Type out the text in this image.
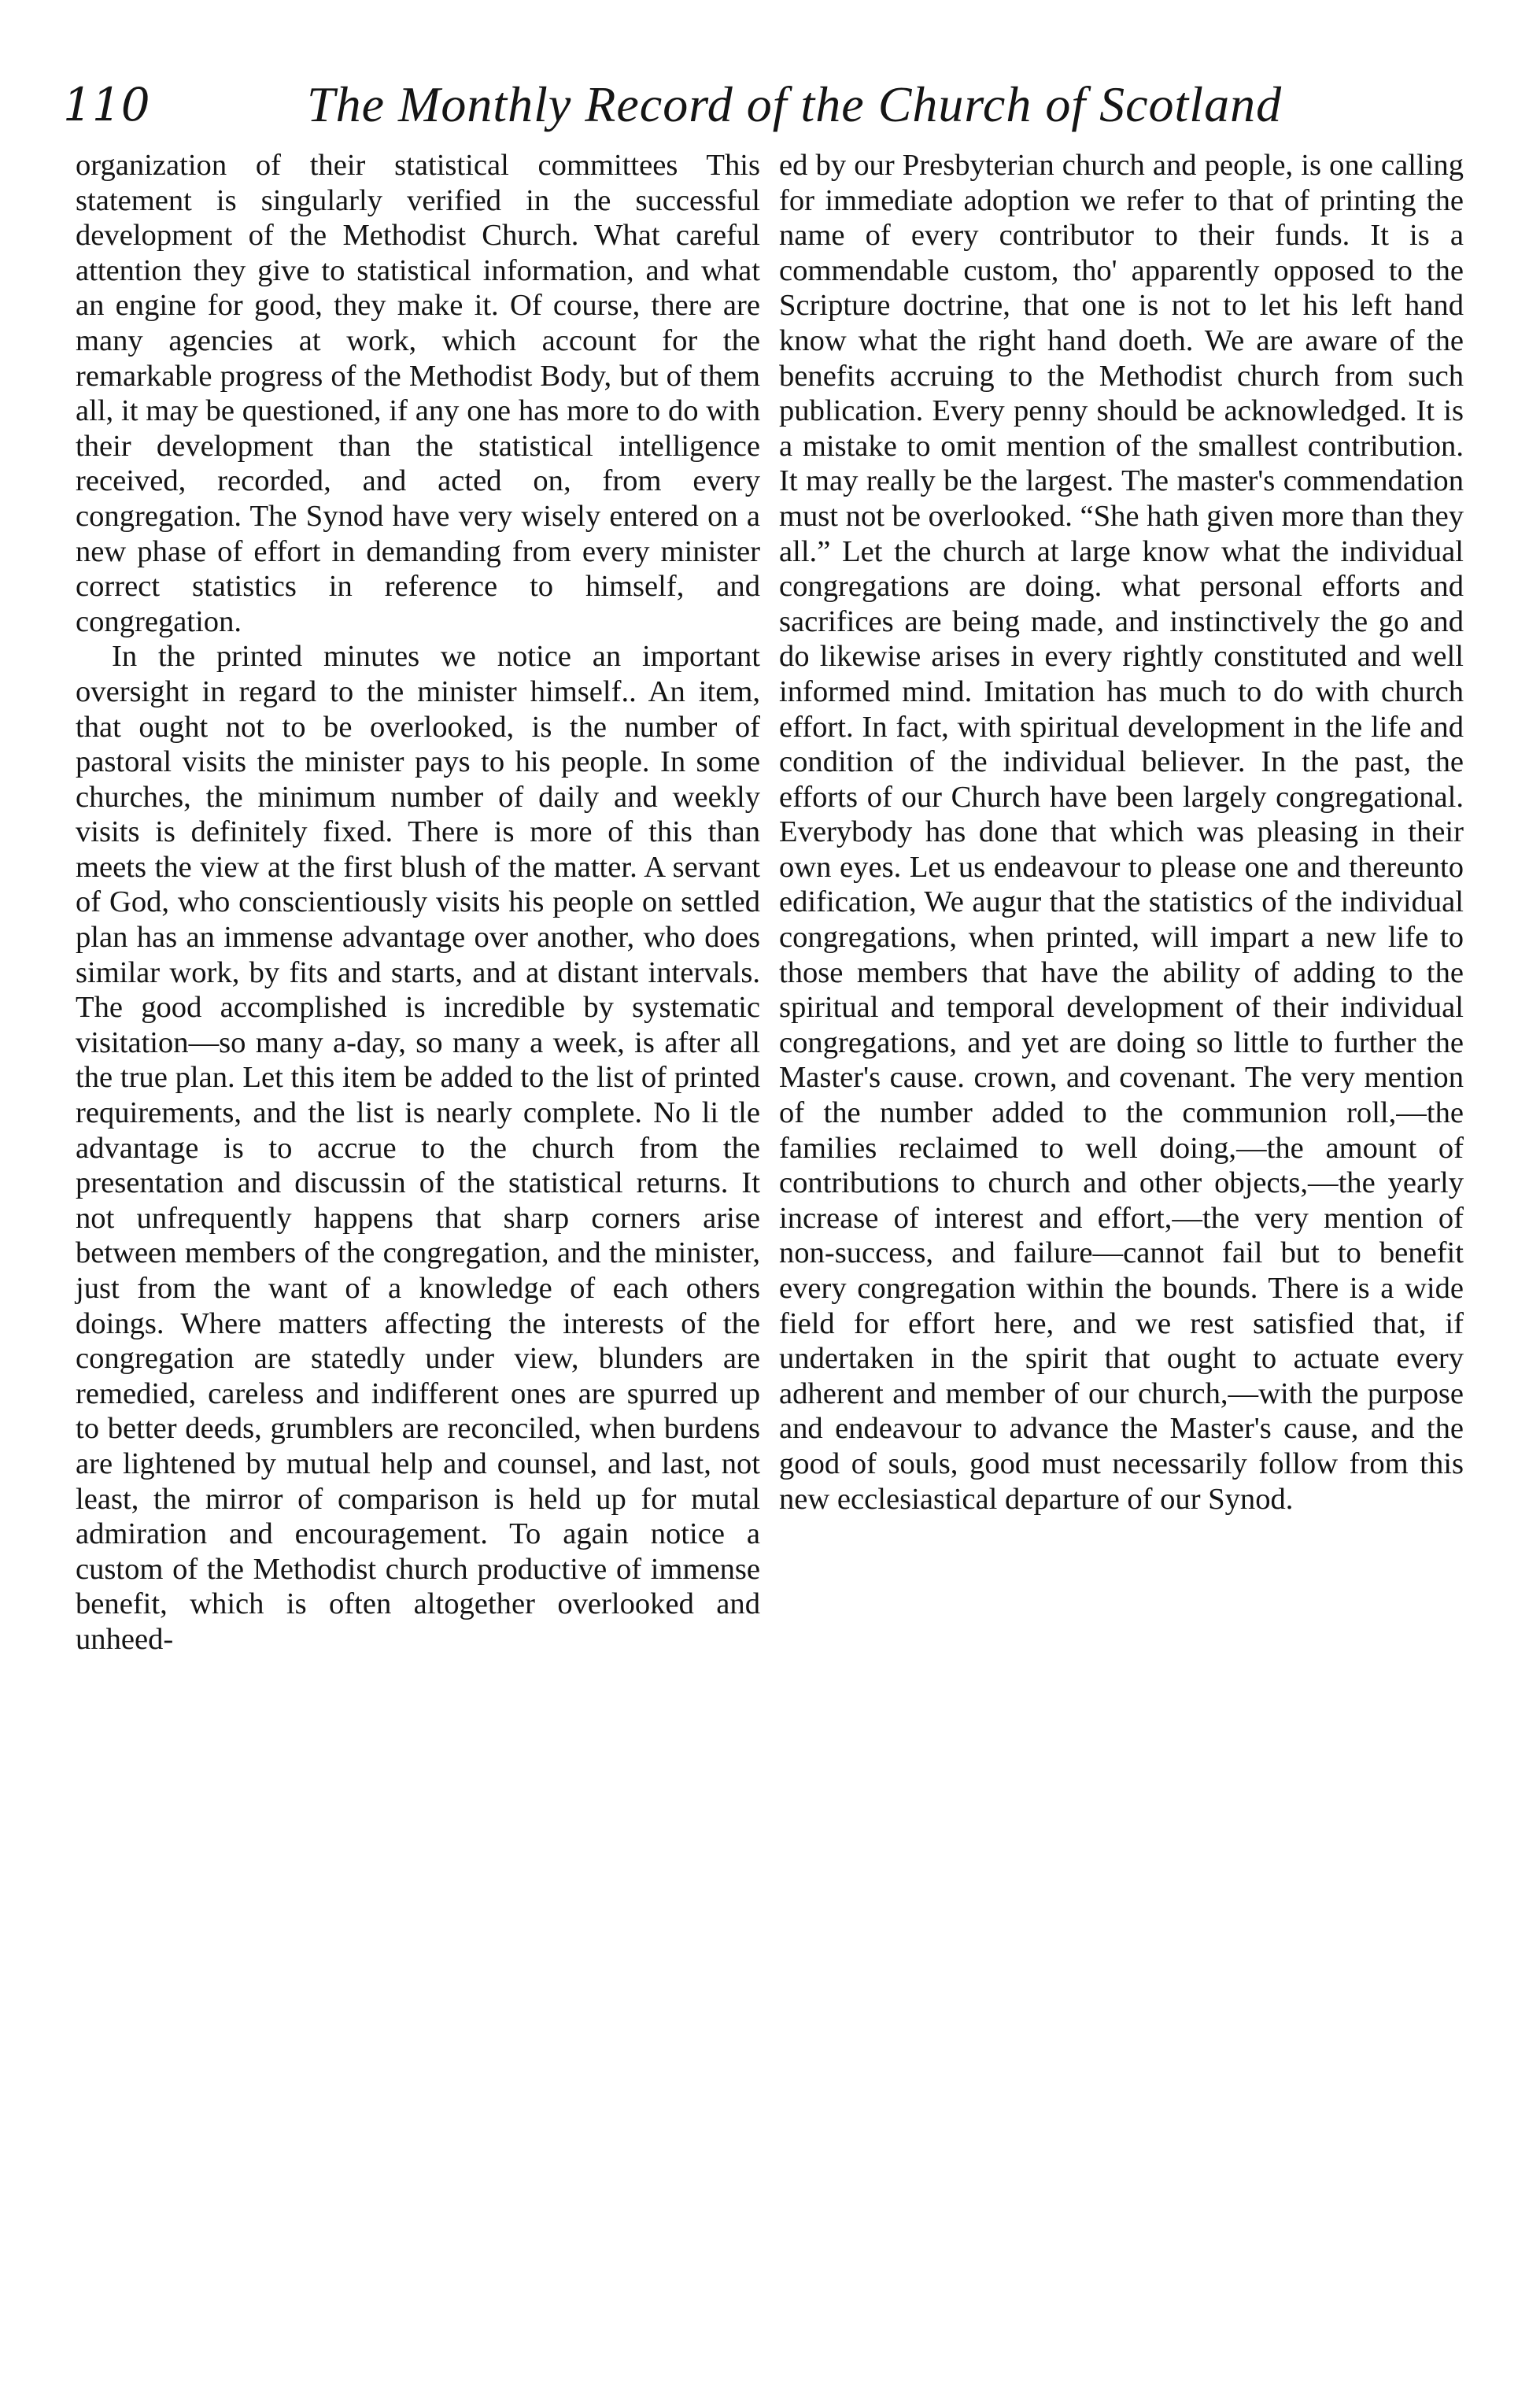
110	The Monthly Record of the Church of Scotland

organization of their statistical committees This statement is singularly verified in the successful development of the Methodist Church. What careful attention they give to statistical information, and what an engine for good, they make it. Of course, there are many agencies at work, which account for the remarkable progress of the Methodist Body, but of them all, it may be questioned, if any one has more to do with their development than the statistical intelligence received, recorded, and acted on, from every congregation. The Synod have very wisely entered on a new phase of effort in demanding from every minister correct statistics in reference to himself, and congregation.

In the printed minutes we notice an important oversight in regard to the minister himself.. An item, that ought not to be overlooked, is the number of pastoral visits the minister pays to his people. In some churches, the minimum number of daily and weekly visits is definitely fixed. There is more of this than meets the view at the first blush of the matter. A servant of God, who conscientiously visits his people on settled plan has an immense advantage over another, who does similar work, by fits and starts, and at distant intervals. The good accomplished is incredible by systematic visitation—so many a-day, so many a week, is after all the true plan. Let this item be added to the list of printed requirements, and the list is nearly complete. No li tle advantage is to accrue to the church from the presentation and discussin of the statistical returns. It not unfrequently happens that sharp corners arise between members of the congregation, and the minister, just from the want of a knowledge of each others doings. Where matters affecting the interests of the congregation are statedly under view, blunders are remedied, careless and indifferent ones are spurred up to better deeds, grumblers are reconciled, when burdens are lightened by mutual help and counsel, and last, not least, the mirror of comparison is held up for mutal admiration and encouragement. To again notice a custom of the Methodist church productive of immense benefit, which is often altogether overlooked and unheed-

ed by our Presbyterian church and people, is one calling for immediate adoption we refer to that of printing the name of every contributor to their funds. It is a commendable custom, tho' apparently opposed to the Scripture doctrine, that one is not to let his left hand know what the right hand doeth. We are aware of the benefits accruing to the Methodist church from such publication. Every penny should be acknowledged. It is a mistake to omit mention of the smallest contribution. It may really be the largest. The master's commendation must not be overlooked. “She hath given more than they all.” Let the church at large know what the individual congregations are doing. what personal efforts and sacrifices are being made, and instinctively the go and do likewise arises in every rightly constituted and well informed mind. Imitation has much to do with church effort. In fact, with spiritual development in the life and condition of the individual believer. In the past, the efforts of our Church have been largely congregational. Everybody has done that which was pleasing in their own eyes. Let us endeavour to please one and thereunto edification, We augur that the statistics of the individual congregations, when printed, will impart a new life to those members that have the ability of adding to the spiritual and temporal development of their individual congregations, and yet are doing so little to further the Master's cause. crown, and covenant. The very mention of the number added to the communion roll,—the families reclaimed to well doing,—the amount of contributions to church and other objects,—the yearly increase of interest and effort,—the very mention of non-success, and failure—cannot fail but to benefit every congregation within the bounds. There is a wide field for effort here, and we rest satisfied that, if undertaken in the spirit that ought to actuate every adherent and member of our church,—with the purpose and endeavour to advance the Master's cause, and the good of souls, good must necessarily follow from this new ecclesiastical departure of our Synod.
